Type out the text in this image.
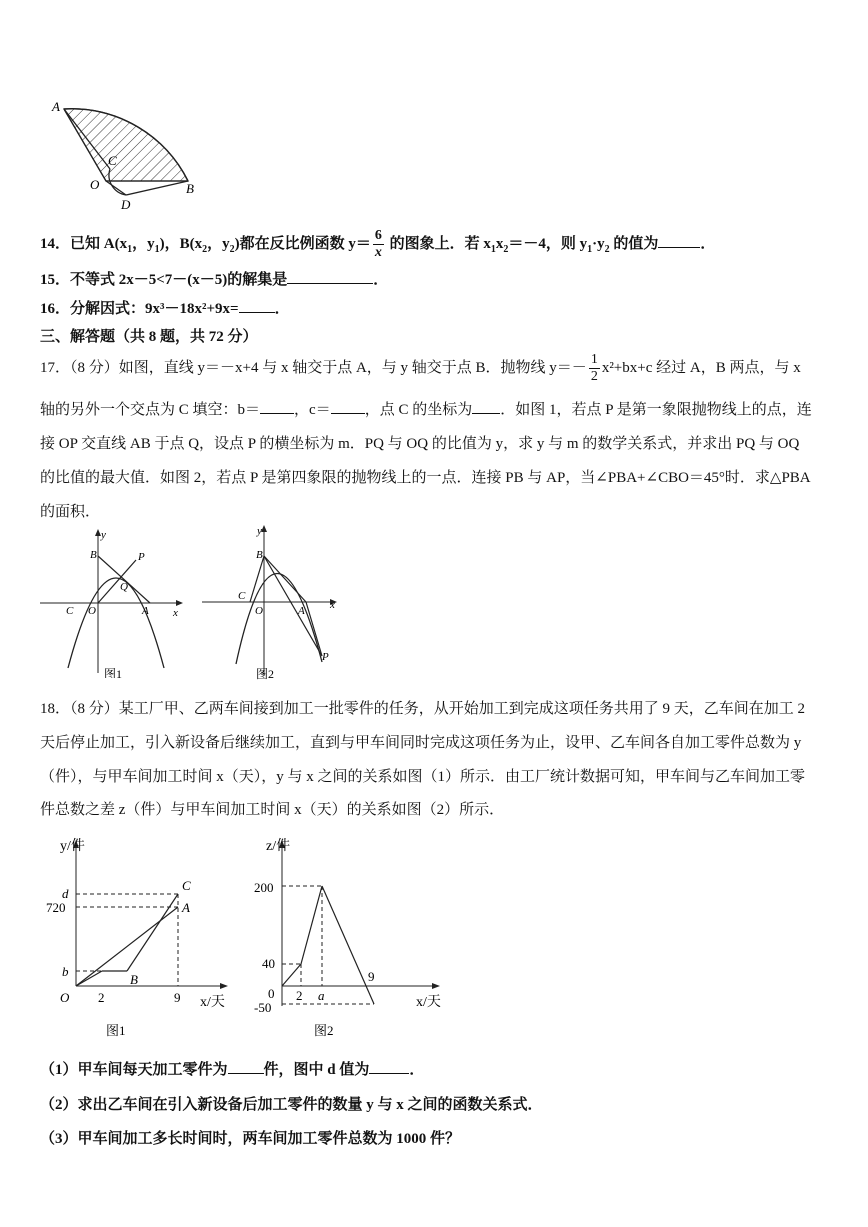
A
C
O
D
B
14．已知 $A(x_1$，$y_1$)，$B(x_2$，$y_2$)都在反比例函数 $y= \frac{6}{x}$ 的图象上．若 $x_1x_2=-4$，则 $y_1\cdot y_2$ 的值为	．
15．不等式 2x－5<7－(x－5)的解集是	．
16．分解因式：9x³－18x²+9x= ．
三、解答题（共 8 题，共 72 分）
17．（8 分）如图，直线 y＝－x+4 与 x 轴交于点 A，与 y 轴交于点 B．抛物线 $y=- \frac{1}{2} x^2+bx+c$ 经过 A，B 两点，与 x
轴的另外一个交点为 C 填空：b＝ ，c＝ ，点 C 的坐标为 ．如图 1，若点 P 是第一象限抛物线上的点，连
接 OP 交直线 AB 于点 Q，设点 P 的横坐标为 m．PQ 与 OQ 的比值为 y，求 y 与 m 的数学关系式，并求出 PQ 与 OQ
的比值的最大值．如图 2，若点 P 是第四象限的抛物线上的一点．连接 PB 与 AP，当∠PBA+∠CBO＝45°时．求△PBA
的面积．
y
x
B	P
Q
C O	A
图1
y
x
B
C
O	A
P
图2
18．（8 分）某工厂甲、乙两车间接到加工一批零件的任务，从开始加工到完成这项任务共用了 9 天，乙车间在加工 2
天后停止加工，引入新设备后继续加工，直到与甲车间同时完成这项任务为止，设甲、乙车间各自加工零件总数为 y
（件），与甲车间加工时间 x（天），y 与 x 之间的关系如图（1）所示．由工厂统计数据可知，甲车间与乙车间加工零
件总数之差 z（件）与甲车间加工时间 x（天）的关系如图（2）所示．
y/件
x/天
d
720
b
O 2	9
C
A
B
图1
z/件
x/天
200
40
0
-50
2 a
9
图2
（1）甲车间每天加工零件为 件，图中 d 值为	．
（2）求出乙车间在引入新设备后加工零件的数量 y 与 x 之间的函数关系式．
（3）甲车间加工多长时间时，两车间加工零件总数为 1000 件？
